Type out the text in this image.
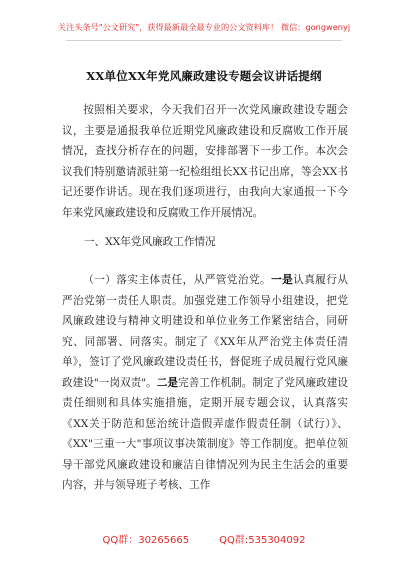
关注头条号"公文研究"，获得最新最全最专业的公文资料库！ 微信：gongwenyj
XX单位XX年党风廉政建设专题会议讲话提纲
按照相关要求，今天我们召开一次党风廉政建设专题会议，主要是通报我单位近期党风廉政建设和反腐败工作开展情况，查找分析存在的问题，安排部署下一步工作。本次会议我们特别邀请派驻第一纪检组组长XX书记出席，等会XX书记还要作讲话。现在我们逐项进行，由我向大家通报一下今年来党风廉政建设和反腐败工作开展情况。
一、XX年党风廉政工作情况
（一）落实主体责任，从严管党治党。一是认真履行从严治党第一责任人职责。加强党建工作领导小组建设，把党风廉政建设与精神文明建设和单位业务工作紧密结合，同研究、同部署、同落实。制定了《XX年从严治党主体责任清单》，签订了党风廉政建设责任书，督促班子成员履行党风廉政建设"一岗双责"。二是完善工作机制。制定了党风廉政建设责任细则和具体实施措施，定期开展专题会议，认真落实《XX关于防范和惩治统计造假弄虚作假责任制（试行）》、《XX"三重一大"事项议事决策制度》等工作制度。把单位领导干部党风廉政建设和廉洁自律情况列为民主生活会的重要内容，并与领导班子考核、工作
QQ群：30265665	QQ群:535304092
